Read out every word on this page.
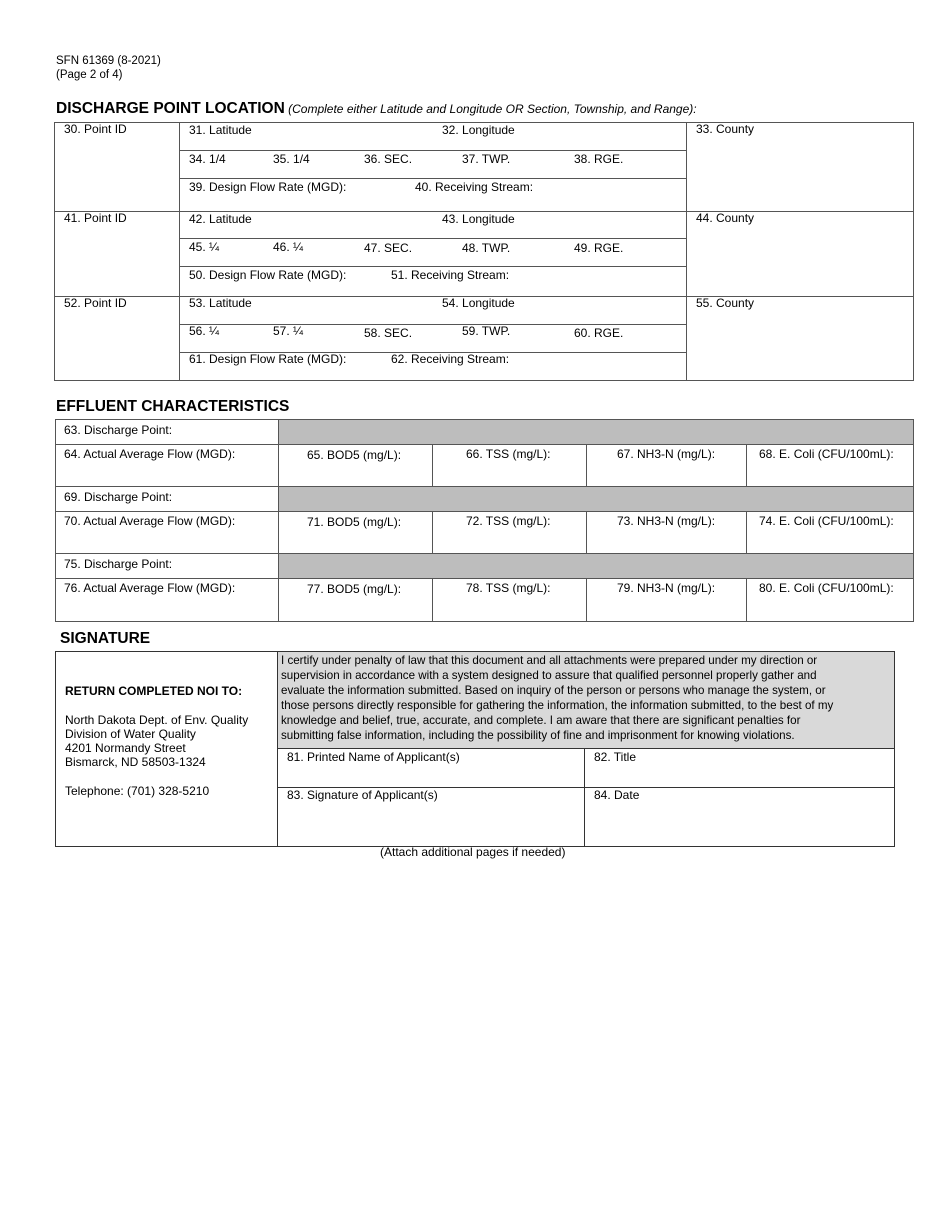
SFN 61369 (8-2021)
(Page 2 of 4)
DISCHARGE POINT LOCATION (Complete either Latitude and Longitude OR Section, Township, and Range):
30. Point ID	31. Latitude	32. Longitude	33. County
34. 1/4	35. 1/4	36. SEC.	37. TWP.	38. RGE.
39. Design Flow Rate (MGD):	40. Receiving Stream:
41. Point ID	42. Latitude	43. Longitude	44. County
45. ¼	46. ¼	47. SEC.	48. TWP.	49. RGE.
50. Design Flow Rate (MGD):	51. Receiving Stream:
52. Point ID	53. Latitude	54. Longitude	55. County
56. ¼	57. ¼	58. SEC.	59. TWP.	60. RGE.
61. Design Flow Rate (MGD):	62. Receiving Stream:
EFFLUENT CHARACTERISTICS
63. Discharge Point:
64. Actual Average Flow (MGD):	65. BOD5 (mg/L):	66. TSS (mg/L):	67. NH3-N (mg/L):	68. E. Coli (CFU/100mL):
69. Discharge Point:
70. Actual Average Flow (MGD):	71. BOD5 (mg/L):	72. TSS (mg/L):	73. NH3-N (mg/L):	74. E. Coli (CFU/100mL):
75. Discharge Point:
76. Actual Average Flow (MGD):	77. BOD5 (mg/L):	78. TSS (mg/L):	79. NH3-N (mg/L):	80. E. Coli (CFU/100mL):
SIGNATURE
RETURN COMPLETED NOI TO:
North Dakota Dept. of Env. Quality
Division of Water Quality
4201 Normandy Street
Bismarck, ND 58503-1324
Telephone: (701) 328-5210
I certify under penalty of law that this document and all attachments were prepared under my direction or
supervision in accordance with a system designed to assure that qualified personnel properly gather and
evaluate the information submitted. Based on inquiry of the person or persons who manage the system, or
those persons directly responsible for gathering the information, the information submitted, to the best of my
knowledge and belief, true, accurate, and complete. I am aware that there are significant penalties for
submitting false information, including the possibility of fine and imprisonment for knowing violations.
81. Printed Name of Applicant(s)	82. Title
83. Signature of Applicant(s)	84. Date
(Attach additional pages if needed)
